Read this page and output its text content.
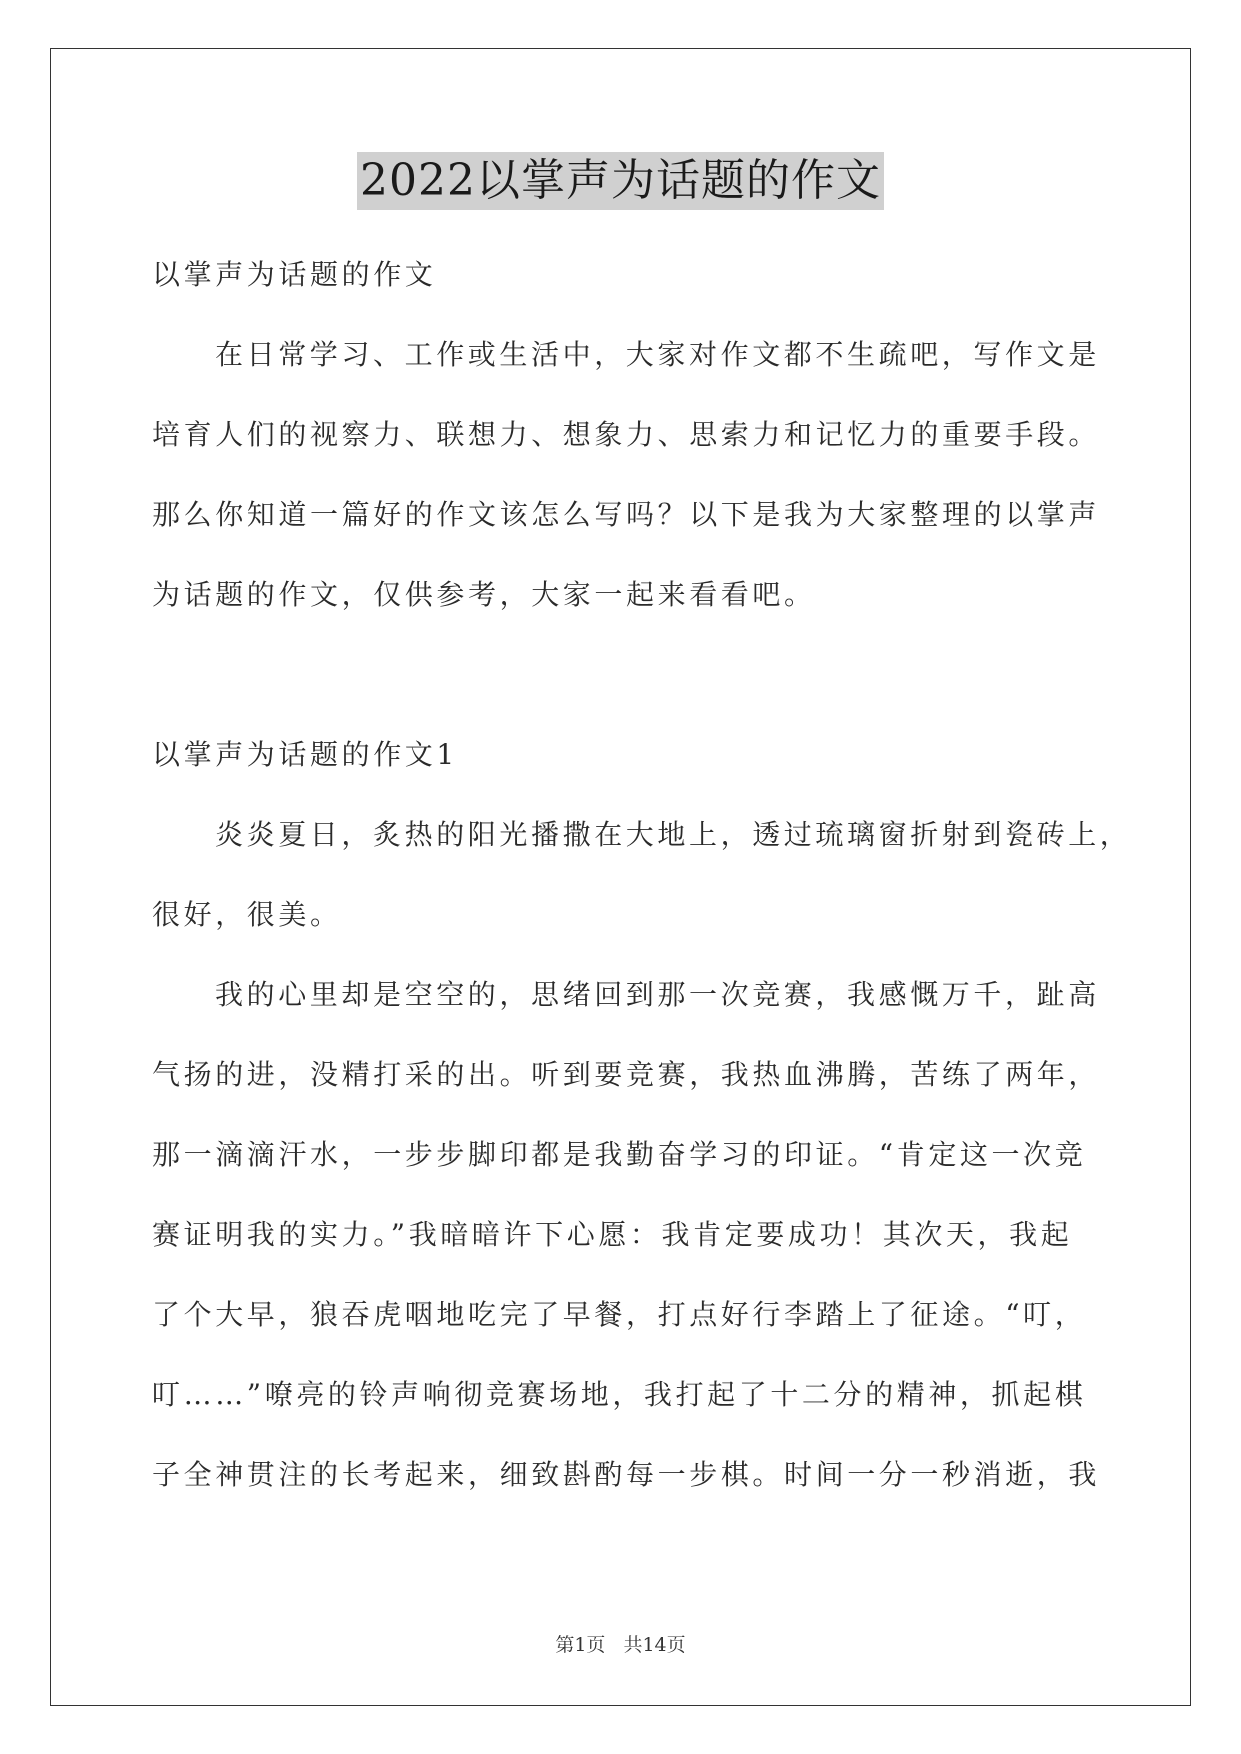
2022以掌声为话题的作文
以掌声为话题的作文
在日常学习、工作或生活中，大家对作文都不生疏吧，写作文是
培育人们的视察力、联想力、想象力、思索力和记忆力的重要手段。
那么你知道一篇好的作文该怎么写吗？以下是我为大家整理的以掌声
为话题的作文，仅供参考，大家一起来看看吧。
以掌声为话题的作文1
炎炎夏日，炙热的阳光播撒在大地上，透过琉璃窗折射到瓷砖上，
很好，很美。
我的心里却是空空的，思绪回到那一次竞赛，我感慨万千，趾高
气扬的进，没精打采的出。听到要竞赛，我热血沸腾，苦练了两年，
那一滴滴汗水，一步步脚印都是我勤奋学习的印证。“肯定这一次竞
赛证明我的实力。”我暗暗许下心愿：我肯定要成功！其次天，我起
了个大早，狼吞虎咽地吃完了早餐，打点好行李踏上了征途。“叮，
叮……”嘹亮的铃声响彻竞赛场地，我打起了十二分的精神，抓起棋
子全神贯注的长考起来，细致斟酌每一步棋。时间一分一秒消逝，我
第1页 共14页
